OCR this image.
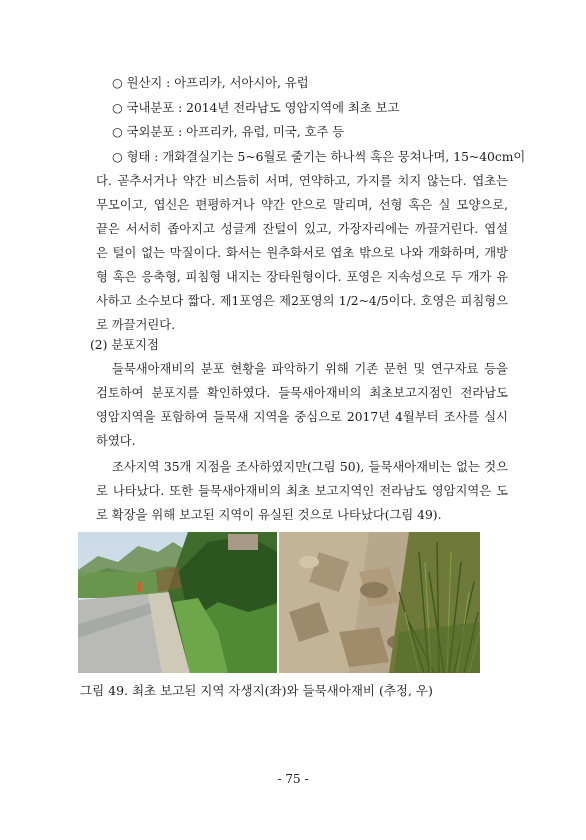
○ 원산지 : 아프리카, 서아시아, 유럽
○ 국내분포 : 2014년 전라남도 영암지역에 최초 보고
○ 국외분포 : 아프리카, 유럽, 미국, 호주 등
○ 형태 : 개화결실기는 5~6월로 줄기는 하나씩 혹은 뭉쳐나며, 15~40cm이
다. 곧추서거나 약간 비스듬히 서며, 연약하고, 가지를 치지 않는다. 엽초는
무모이고, 엽신은 편평하거나 약간 안으로 말리며, 선형 혹은 실 모양으로,
끝은 서서히 좁아지고 성글게 잔털이 있고, 가장자리에는 까끌거린다. 엽설
은 털이 없는 막질이다. 화서는 원추화서로 엽초 밖으로 나와 개화하며, 개방
형 혹은 응축형, 피침형 내지는 장타원형이다. 포영은 지속성으로 두 개가 유
사하고 소수보다 짧다. 제1포영은 제2포영의 1/2~4/5이다. 호영은 피침형으
로 까끌거린다.
(2) 분포지점
들묵새아재비의 분포 현황을 파악하기 위해 기존 문헌 및 연구자료 등을
검토하여 분포지를 확인하였다. 들묵새아재비의 최초보고지점인 전라남도
영암지역을 포함하여 들묵새 지역을 중심으로 2017년 4월부터 조사를 실시
하였다.
조사지역 35개 지점을 조사하였지만(그림 50), 들묵새아재비는 없는 것으
로 나타났다. 또한 들묵새아재비의 최초 보고지역인 전라남도 영암지역은 도
로 확장을 위해 보고된 지역이 유실된 것으로 나타났다(그림 49).
그림 49. 최초 보고된 지역 자생지(좌)와 들묵새아재비 (추정, 우)
- 75 -
